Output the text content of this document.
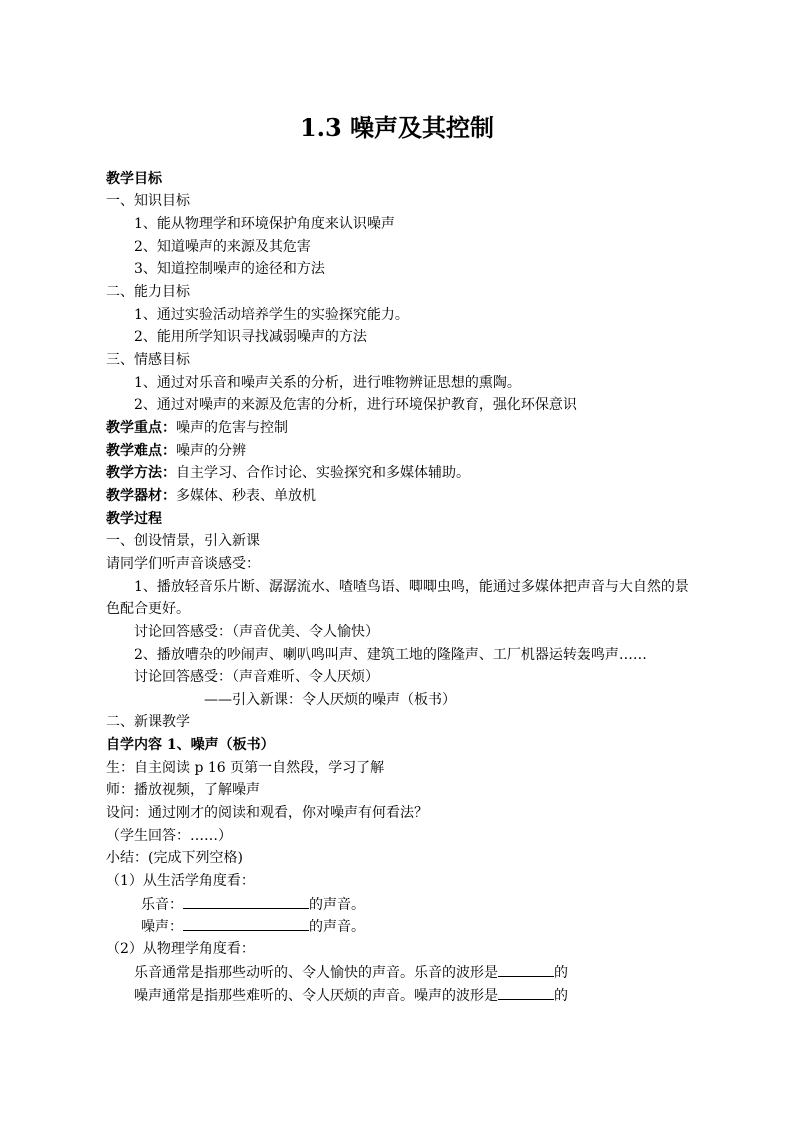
1.3 噪声及其控制
教学目标
一、知识目标
1、能从物理学和环境保护角度来认识噪声
2、知道噪声的来源及其危害
3、知道控制噪声的途径和方法
二、能力目标
1、通过实验活动培养学生的实验探究能力。
2、能用所学知识寻找减弱噪声的方法
三、情感目标
1、通过对乐音和噪声关系的分析，进行唯物辨证思想的熏陶。
2、通过对噪声的来源及危害的分析，进行环境保护教育，强化环保意识
教学重点：噪声的危害与控制
教学难点：噪声的分辨
教学方法：自主学习、合作讨论、实验探究和多媒体辅助。
教学器材：多媒体、秒表、单放机
教学过程
一、创设情景，引入新课
请同学们听声音谈感受：
1、播放轻音乐片断、潺潺流水、喳喳鸟语、唧唧虫鸣，能通过多媒体把声音与大自然的景
色配合更好。
讨论回答感受：（声音优美、令人愉快）
2、播放嘈杂的吵闹声、喇叭鸣叫声、建筑工地的隆隆声、工厂机器运转轰鸣声……
讨论回答感受：（声音难听、令人厌烦）
——引入新课：令人厌烦的噪声（板书）
二、新课教学
自学内容 1、噪声（板书）
生：自主阅读 p 16 页第一自然段，学习了解
师：播放视频，了解噪声
设问：通过刚才的阅读和观看，你对噪声有何看法？
（学生回答：……）
小结：(完成下列空格)
（1）从生活学角度看：
乐音：	的声音。
噪声：	的声音。
（2）从物理学角度看：
乐音通常是指那些动听的、令人愉快的声音。乐音的波形是	的
噪声通常是指那些难听的、令人厌烦的声音。噪声的波形是	的
